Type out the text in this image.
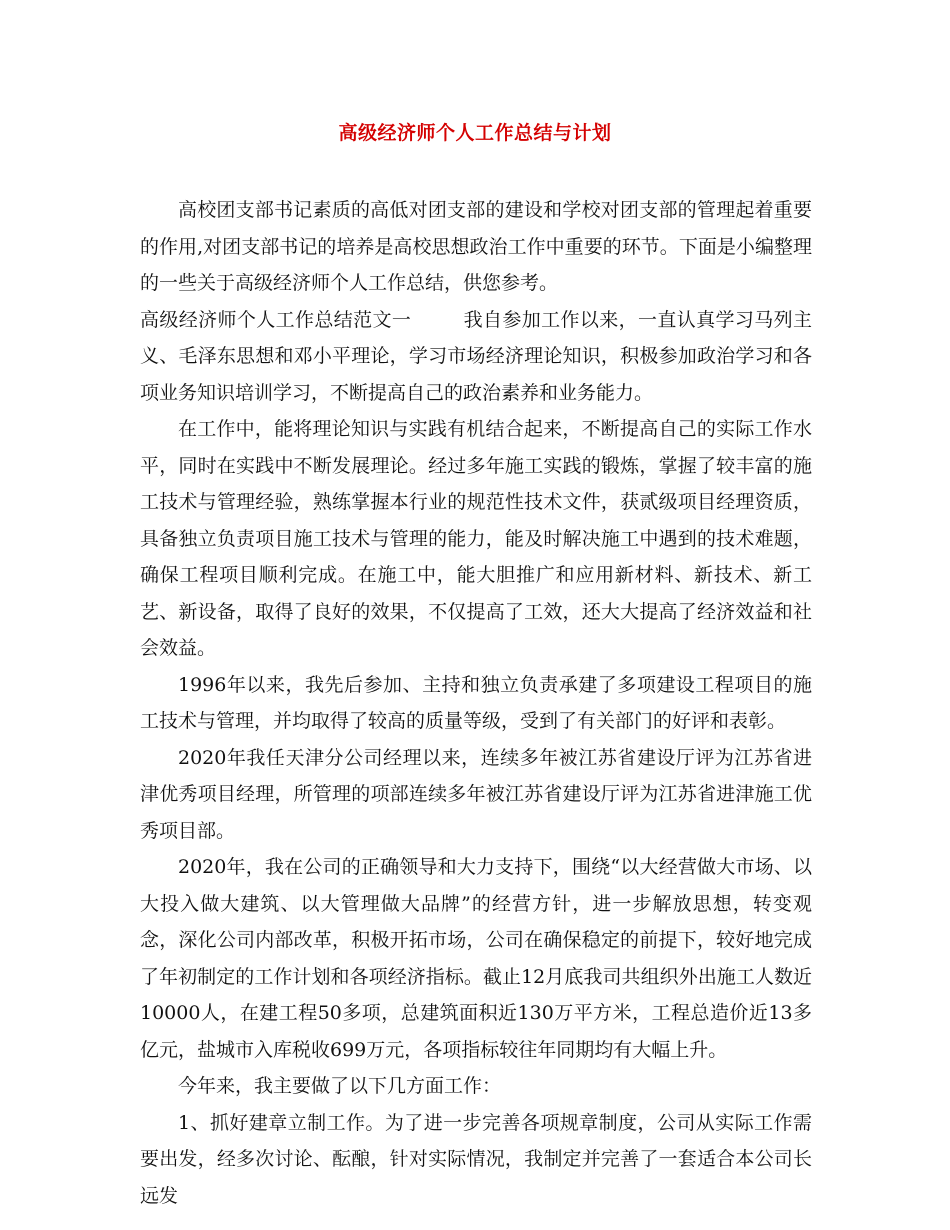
高级经济师个人工作总结与计划

高校团支部书记素质的高低对团支部的建设和学校对团支部的管理起着重要的作用,对团支部书记的培养是高校思想政治工作中重要的环节。下面是小编整理的一些关于高级经济师个人工作总结，供您参考。

高级经济师个人工作总结范文一	我自参加工作以来，一直认真学习马列主义、毛泽东思想和邓小平理论，学习市场经济理论知识，积极参加政治学习和各项业务知识培训学习，不断提高自己的政治素养和业务能力。

在工作中，能将理论知识与实践有机结合起来，不断提高自己的实际工作水平，同时在实践中不断发展理论。经过多年施工实践的锻炼，掌握了较丰富的施工技术与管理经验，熟练掌握本行业的规范性技术文件，获贰级项目经理资质，具备独立负责项目施工技术与管理的能力，能及时解决施工中遇到的技术难题，确保工程项目顺利完成。在施工中，能大胆推广和应用新材料、新技术、新工艺、新设备，取得了良好的效果，不仅提高了工效，还大大提高了经济效益和社会效益。

1996年以来，我先后参加、主持和独立负责承建了多项建设工程项目的施工技术与管理，并均取得了较高的质量等级，受到了有关部门的好评和表彰。

2020年我任天津分公司经理以来，连续多年被江苏省建设厅评为江苏省进津优秀项目经理，所管理的项部连续多年被江苏省建设厅评为江苏省进津施工优秀项目部。

2020年，我在公司的正确领导和大力支持下，围绕“以大经营做大市场、以大投入做大建筑、以大管理做大品牌”的经营方针，进一步解放思想，转变观念，深化公司内部改革，积极开拓市场，公司在确保稳定的前提下，较好地完成了年初制定的工作计划和各项经济指标。截止12月底我司共组织外出施工人数近10000人，在建工程50多项，总建筑面积近130万平方米，工程总造价近13多亿元，盐城市入库税收699万元，各项指标较往年同期均有大幅上升。

今年来，我主要做了以下几方面工作：

1、抓好建章立制工作。为了进一步完善各项规章制度，公司从实际工作需要出发，经多次讨论、酝酿，针对实际情况，我制定并完善了一套适合本公司长远发
